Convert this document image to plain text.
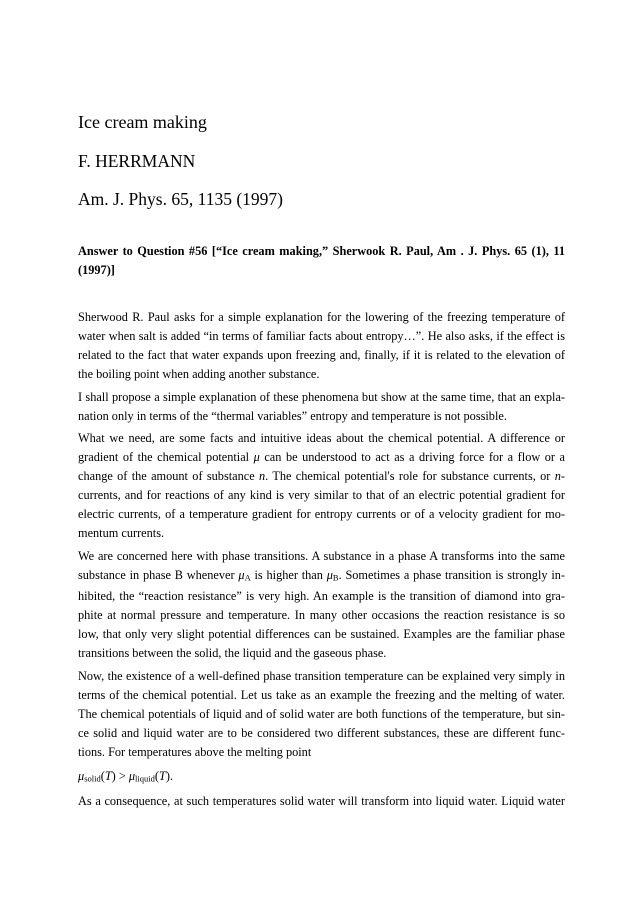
Ice cream making
F. HERRMANN
Am. J. Phys. 65, 1135 (1997)
Answer to Question #56 [“Ice cream making,” Sherwook R. Paul, Am . J. Phys. 65 (1), 11
(1997)]
Sherwood R. Paul asks for a simple explanation for the lowering of the freezing temperature of
water when salt is added “in terms of familiar facts about entropy…”. He also asks, if the effect is
related to the fact that water expands upon freezing and, finally, if it is related to the elevation of
the boiling point when adding another substance.
I shall propose a simple explanation of these phenomena but show at the same time, that an expla-
nation only in terms of the “thermal variables” entropy and temperature is not possible.
What we need, are some facts and intuitive ideas about the chemical potential. A difference or
gradient of the chemical potential μ can be understood to act as a driving force for a flow or a
change of the amount of substance n. The chemical potential's role for substance currents, or n-
currents, and for reactions of any kind is very similar to that of an electric potential gradient for
electric currents, of a temperature gradient for entropy currents or of a velocity gradient for mo-
mentum currents.
We are concerned here with phase transitions. A substance in a phase A transforms into the same
substance in phase B whenever μA is higher than μB. Sometimes a phase transition is strongly in-
hibited, the “reaction resistance” is very high. An example is the transition of diamond into gra-
phite at normal pressure and temperature. In many other occasions the reaction resistance is so
low, that only very slight potential differences can be sustained. Examples are the familiar phase
transitions between the solid, the liquid and the gaseous phase.
Now, the existence of a well-defined phase transition temperature can be explained very simply in
terms of the chemical potential. Let us take as an example the freezing and the melting of water.
The chemical potentials of liquid and of solid water are both functions of the temperature, but sin-
ce solid and liquid water are to be considered two different substances, these are different func-
tions. For temperatures above the melting point
μsolid(T) > μliquid(T).
As a consequence, at such temperatures solid water will transform into liquid water. Liquid water
